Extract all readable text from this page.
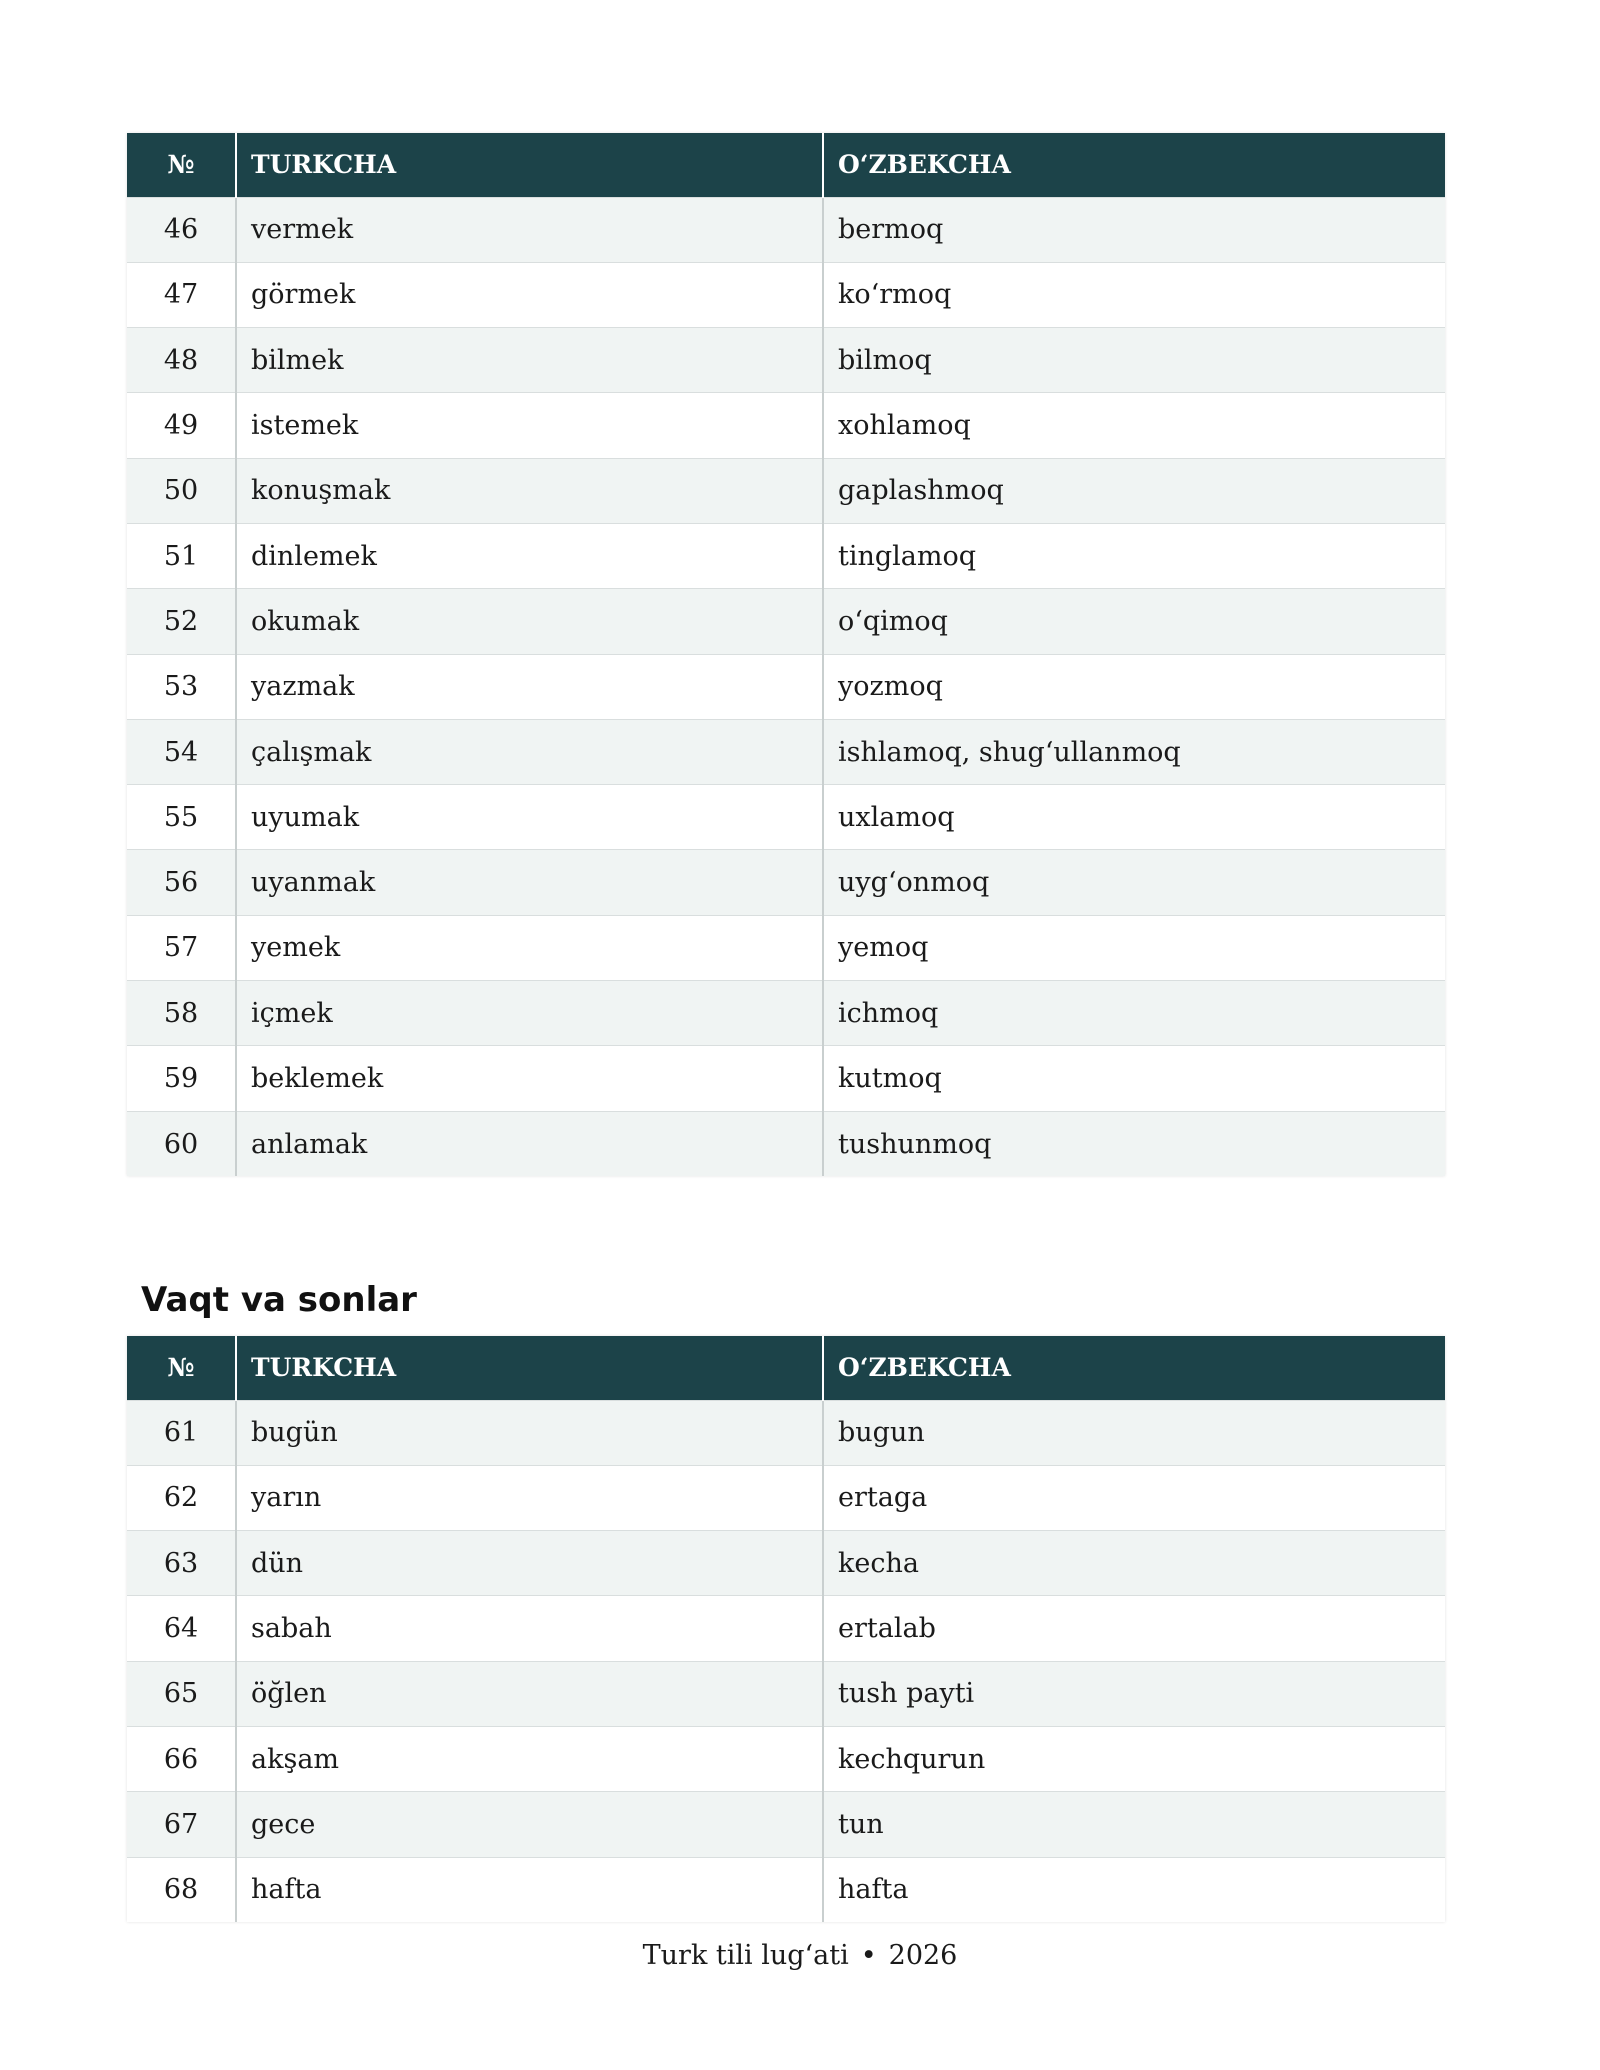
№	TURKCHA	O‘ZBEKCHA
46	vermek	bermoq
47	görmek	ko‘rmoq
48	bilmek	bilmoq
49	istemek	xohlamoq
50	konuşmak	gaplashmoq
51	dinlemek	tinglamoq
52	okumak	o‘qimoq
53	yazmak	yozmoq
54	çalışmak	ishlamoq, shug‘ullanmoq
55	uyumak	uxlamoq
56	uyanmak	uyg‘onmoq
57	yemek	yemoq
58	içmek	ichmoq
59	beklemek	kutmoq
60	anlamak	tushunmoq
Vaqt va sonlar
№	TURKCHA	O‘ZBEKCHA
61	bugün	bugun
62	yarın	ertaga
63	dün	kecha
64	sabah	ertalab
65	öğlen	tush payti
66	akşam	kechqurun
67	gece	tun
68	hafta	hafta
Turk tili lug‘ati • 2026
